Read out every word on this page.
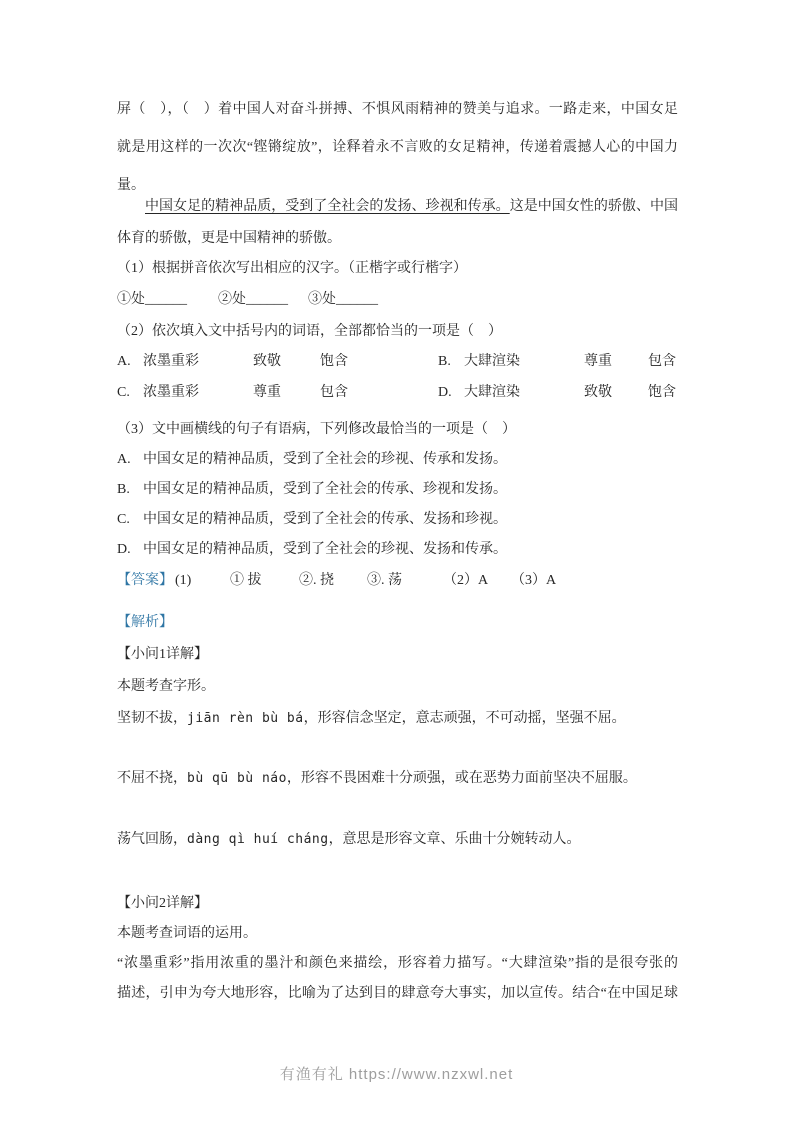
屏（　），（　）着中国人对奋斗拼搏、不惧风雨精神的赞美与追求。一路走来，中国女足
就是用这样的一次次“铿锵绽放”，诠释着永不言败的女足精神，传递着震撼人心的中国力
量。
中国女足的精神品质，受到了全社会的发扬、珍视和传承。这是中国女性的骄傲、中国
体育的骄傲，更是中国精神的骄傲。
（1）根据拼音依次写出相应的汉字。（正楷字或行楷字）
①处______ ②处______ ③处______
（2）依次填入文中括号内的词语，全部都恰当的一项是（　）
A. 浓墨重彩	致敬	饱含	B. 大肆渲染	尊重	包含
C. 浓墨重彩	尊重	包含	D. 大肆渲染	致敬	饱含
（3）文中画横线的句子有语病，下列修改最恰当的一项是（　）
A. 中国女足的精神品质，受到了全社会的珍视、传承和发扬。
B. 中国女足的精神品质，受到了全社会的传承、珍视和发扬。
C. 中国女足的精神品质，受到了全社会的传承、发扬和珍视。
D. 中国女足的精神品质，受到了全社会的珍视、发扬和传承。
【答案】 (1)	① 拔	②. 挠 ③. 荡	（2）A （3）A
【解析】
【小问1详解】
本题考查字形。
坚韧不拔，jiān rèn bù bá，形容信念坚定，意志顽强，不可动摇，坚强不屈。
不屈不挠，bù qū bù náo，形容不畏困难十分顽强，或在恶势力面前坚决不屈服。
荡气回肠，dàng qì huí cháng，意思是形容文章、乐曲十分婉转动人。
【小问2详解】
本题考查词语的运用。
“浓墨重彩”指用浓重的墨汁和颜色来描绘，形容着力描写。“大肆渲染”指的是很夸张的
描述，引申为夸大地形容，比喻为了达到目的肆意夸大事实，加以宣传。结合“在中国足球
有渔有礼 https://www.nzxwl.net
